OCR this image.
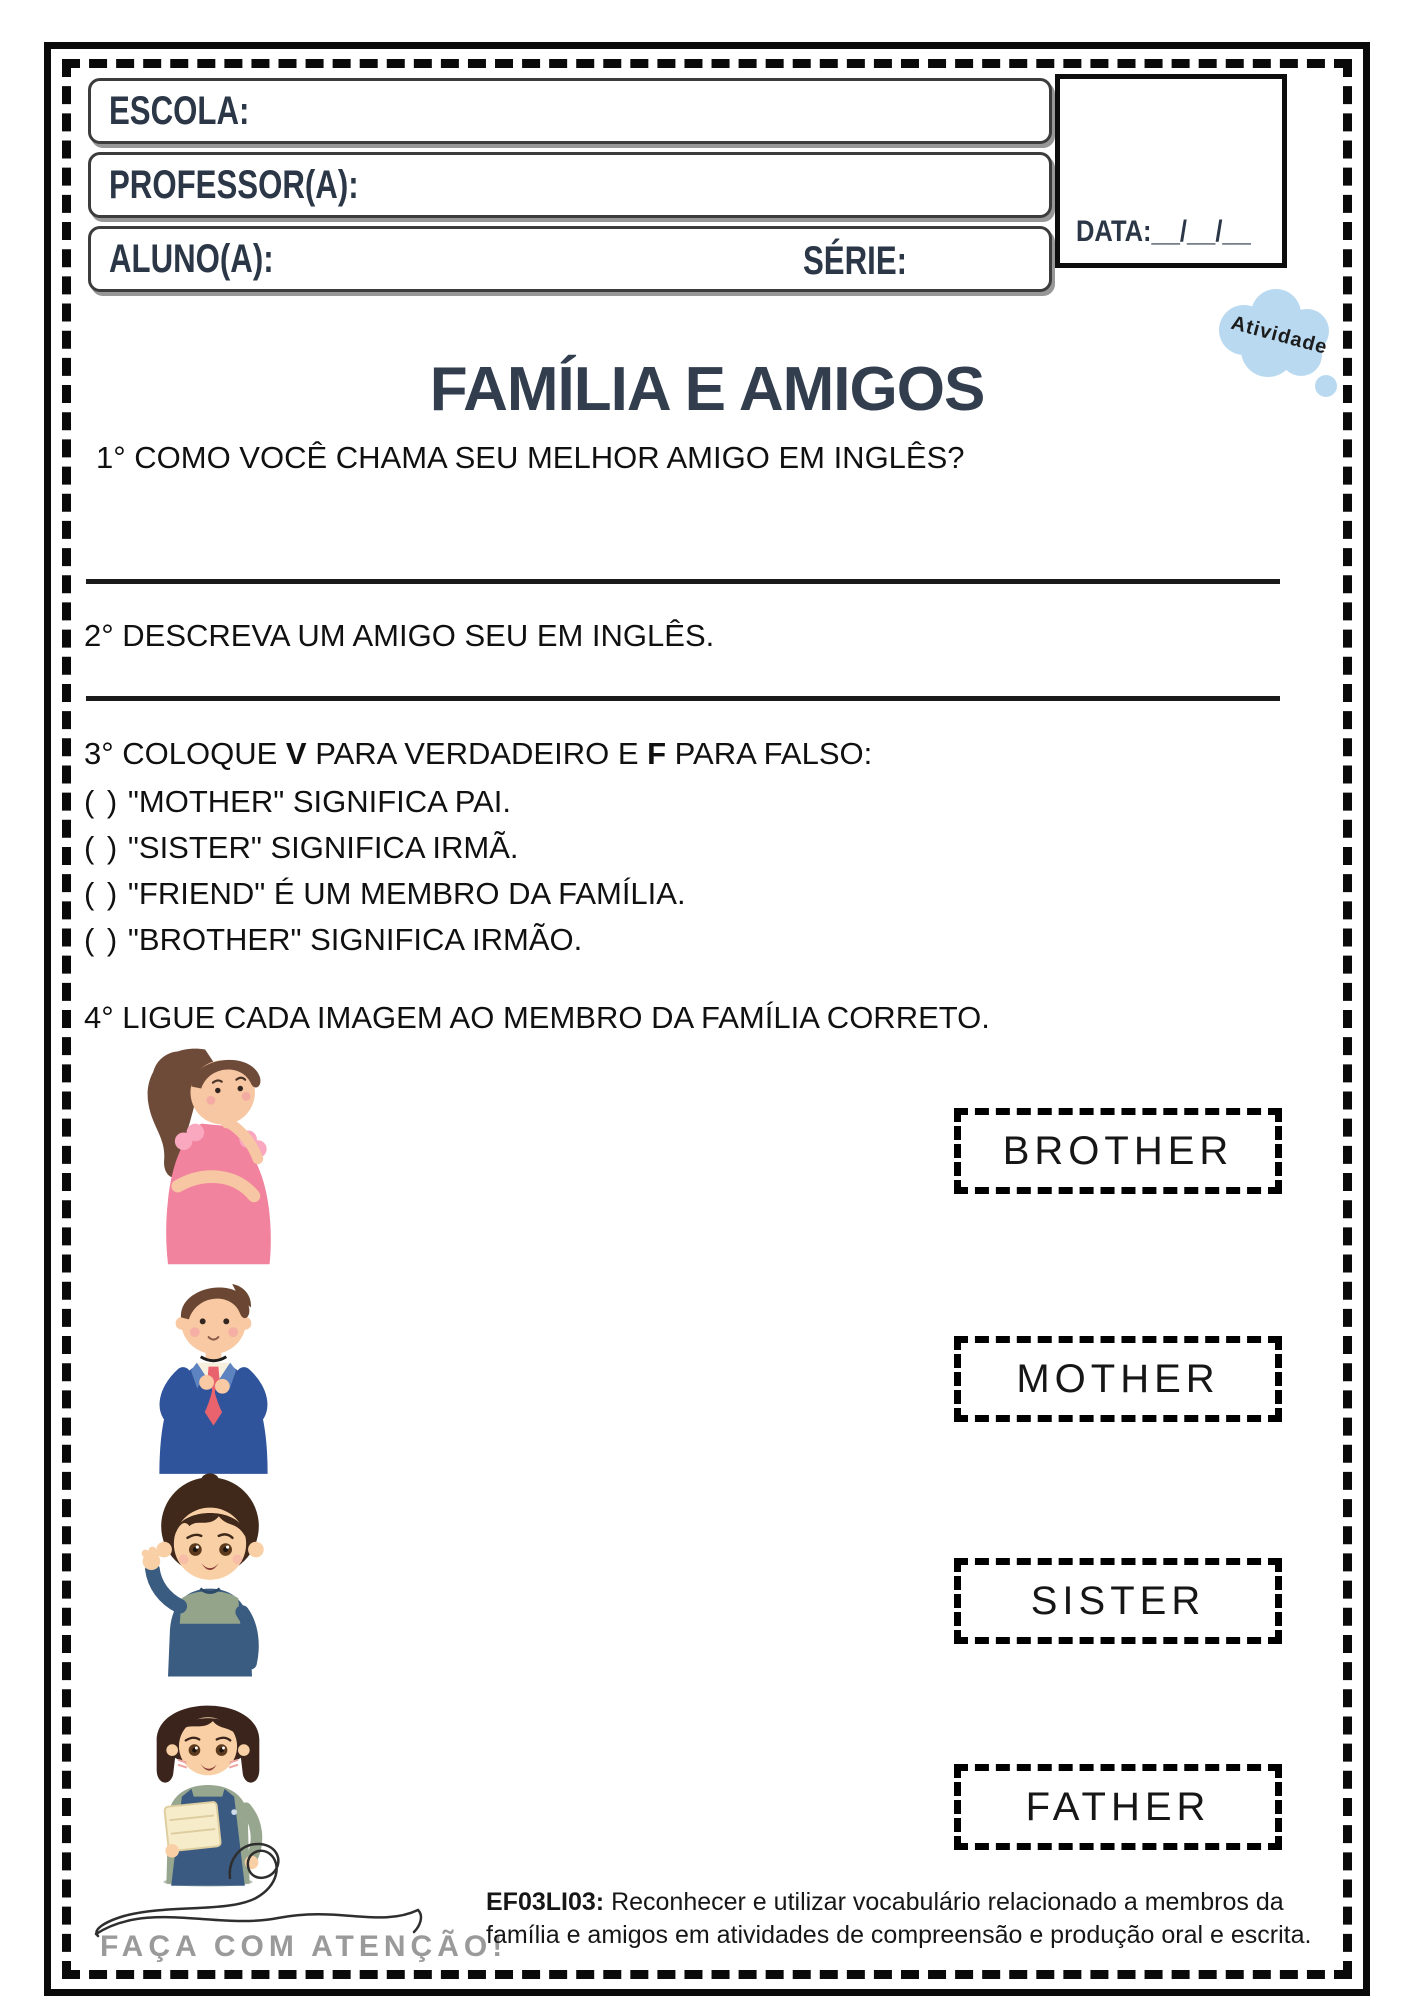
ESCOLA:
PROFESSOR(A):
ALUNO(A):	SÉRIE:
DATA:__/__/__
Atividade
FAMÍLIA E AMIGOS

1° COMO VOCÊ CHAMA SEU MELHOR AMIGO EM INGLÊS?

2° DESCREVA UM AMIGO SEU EM INGLÊS.

3° COLOQUE V PARA VERDADEIRO E F PARA FALSO:

( ) "MOTHER" SIGNIFICA PAI.

( ) "SISTER" SIGNIFICA IRMÃ.

( ) "FRIEND" É UM MEMBRO DA FAMÍLIA.

( ) "BROTHER" SIGNIFICA IRMÃO.

4° LIGUE CADA IMAGEM AO MEMBRO DA FAMÍLIA CORRETO.

BROTHER
MOTHER
SISTER
FATHER

FAÇA COM ATENÇÃO!

EF03LI03: Reconhecer e utilizar vocabulário relacionado a membros da família e amigos em atividades de compreensão e produção oral e escrita.
